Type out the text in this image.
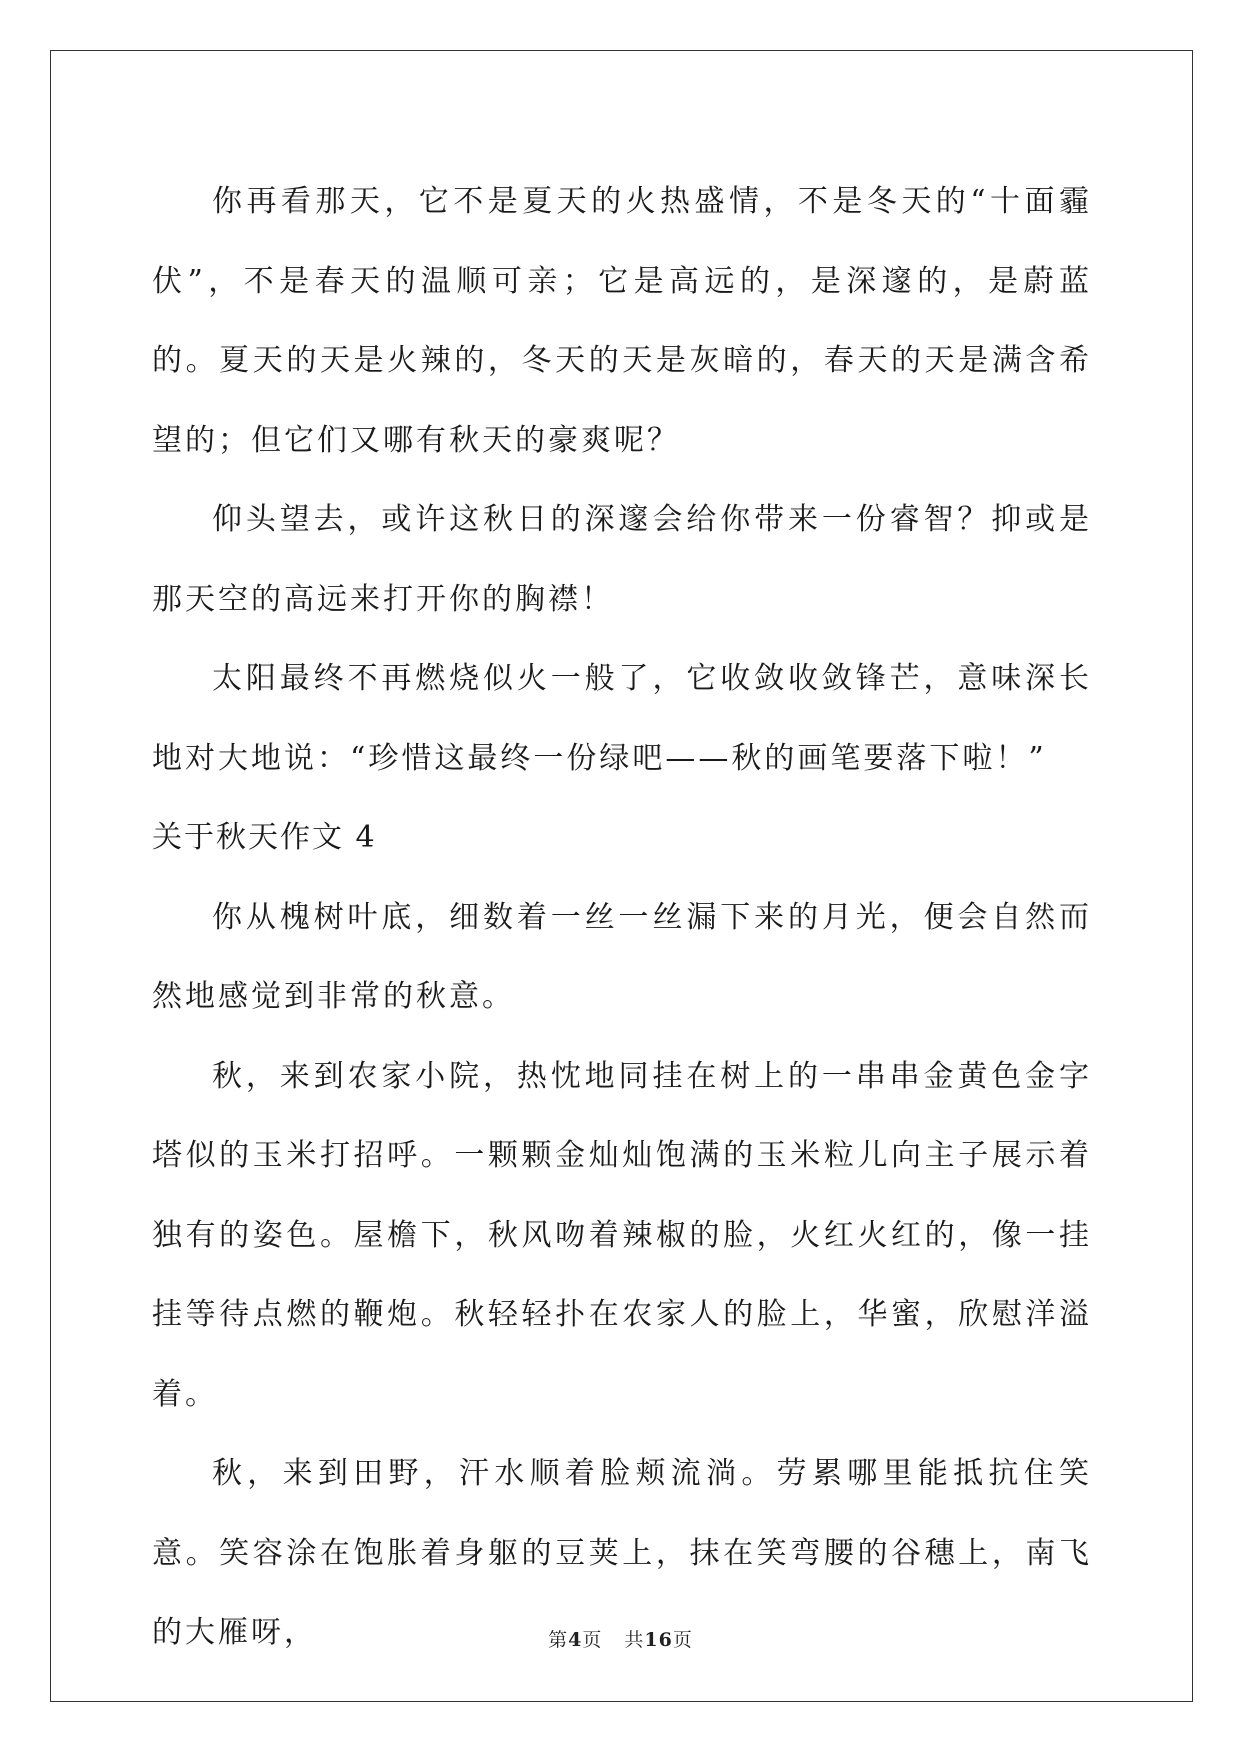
你再看那天，它不是夏天的火热盛情，不是冬天的“十面霾伏”，不是春天的温顺可亲；它是高远的，是深邃的，是蔚蓝的。夏天的天是火辣的，冬天的天是灰暗的，春天的天是满含希望的；但它们又哪有秋天的豪爽呢？

仰头望去，或许这秋日的深邃会给你带来一份睿智？抑或是那天空的高远来打开你的胸襟！

太阳最终不再燃烧似火一般了，它收敛收敛锋芒，意味深长地对大地说：“珍惜这最终一份绿吧——秋的画笔要落下啦！”

关于秋天作文 4

你从槐树叶底，细数着一丝一丝漏下来的月光，便会自然而然地感觉到非常的秋意。

秋，来到农家小院，热忱地同挂在树上的一串串金黄色金字塔似的玉米打招呼。一颗颗金灿灿饱满的玉米粒儿向主子展示着独有的姿色。屋檐下，秋风吻着辣椒的脸，火红火红的，像一挂挂等待点燃的鞭炮。秋轻轻扑在农家人的脸上，华蜜，欣慰洋溢着。

秋，来到田野，汗水顺着脸颊流淌。劳累哪里能抵抗住笑意。笑容涂在饱胀着身躯的豆荚上，抹在笑弯腰的谷穗上，南飞的大雁呀，	第4页 共16页
